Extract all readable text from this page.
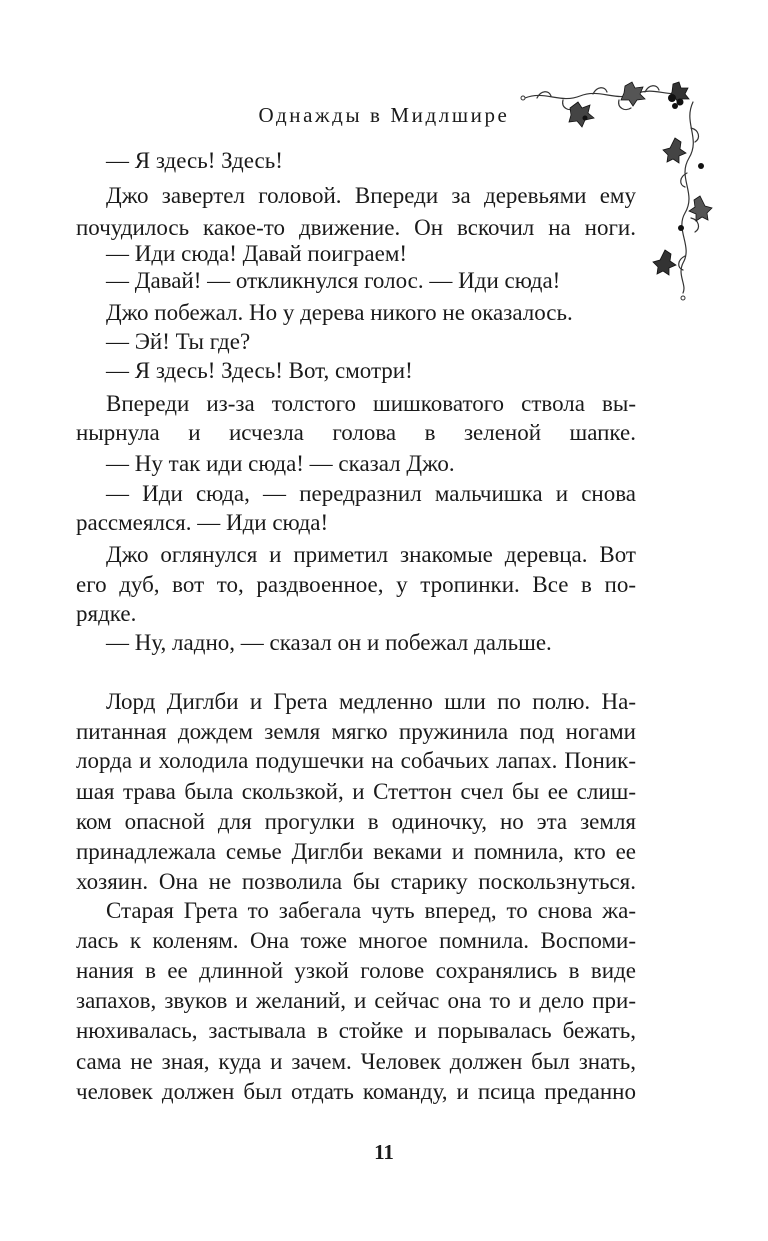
Однажды в Мидлшире
— Я здесь! Здесь!
Джо завертел головой. Впереди за деревьями ему
почудилось какое-то движение. Он вскочил на ноги.
— Иди сюда! Давай поиграем!
— Давай! — откликнулся голос. — Иди сюда!
Джо побежал. Но у дерева никого не оказалось.
— Эй! Ты где?
— Я здесь! Здесь! Вот, смотри!
Впереди из-за толстого шишковатого ствола вы-
нырнула и исчезла голова в зеленой шапке.
— Ну так иди сюда! — сказал Джо.
— Иди сюда, — передразнил мальчишка и снова
рассмеялся. — Иди сюда!
Джо оглянулся и приметил знакомые деревца. Вот
его дуб, вот то, раздвоенное, у тропинки. Все в по-
рядке.
— Ну, ладно, — сказал он и побежал дальше.
Лорд Диглби и Грета медленно шли по полю. На-
питанная дождем земля мягко пружинила под ногами
лорда и холодила подушечки на собачьих лапах. Поник-
шая трава была скользкой, и Стеттон счел бы ее слиш-
ком опасной для прогулки в одиночку, но эта земля
принадлежала семье Диглби веками и помнила, кто ее
хозяин. Она не позволила бы старику поскользнуться.
Старая Грета то забегала чуть вперед, то снова жа-
лась к коленям. Она тоже многое помнила. Воспоми-
нания в ее длинной узкой голове сохранялись в виде
запахов, звуков и желаний, и сейчас она то и дело при-
нюхивалась, застывала в стойке и порывалась бежать,
сама не зная, куда и зачем. Человек должен был знать,
человек должен был отдать команду, и псица преданно
11
